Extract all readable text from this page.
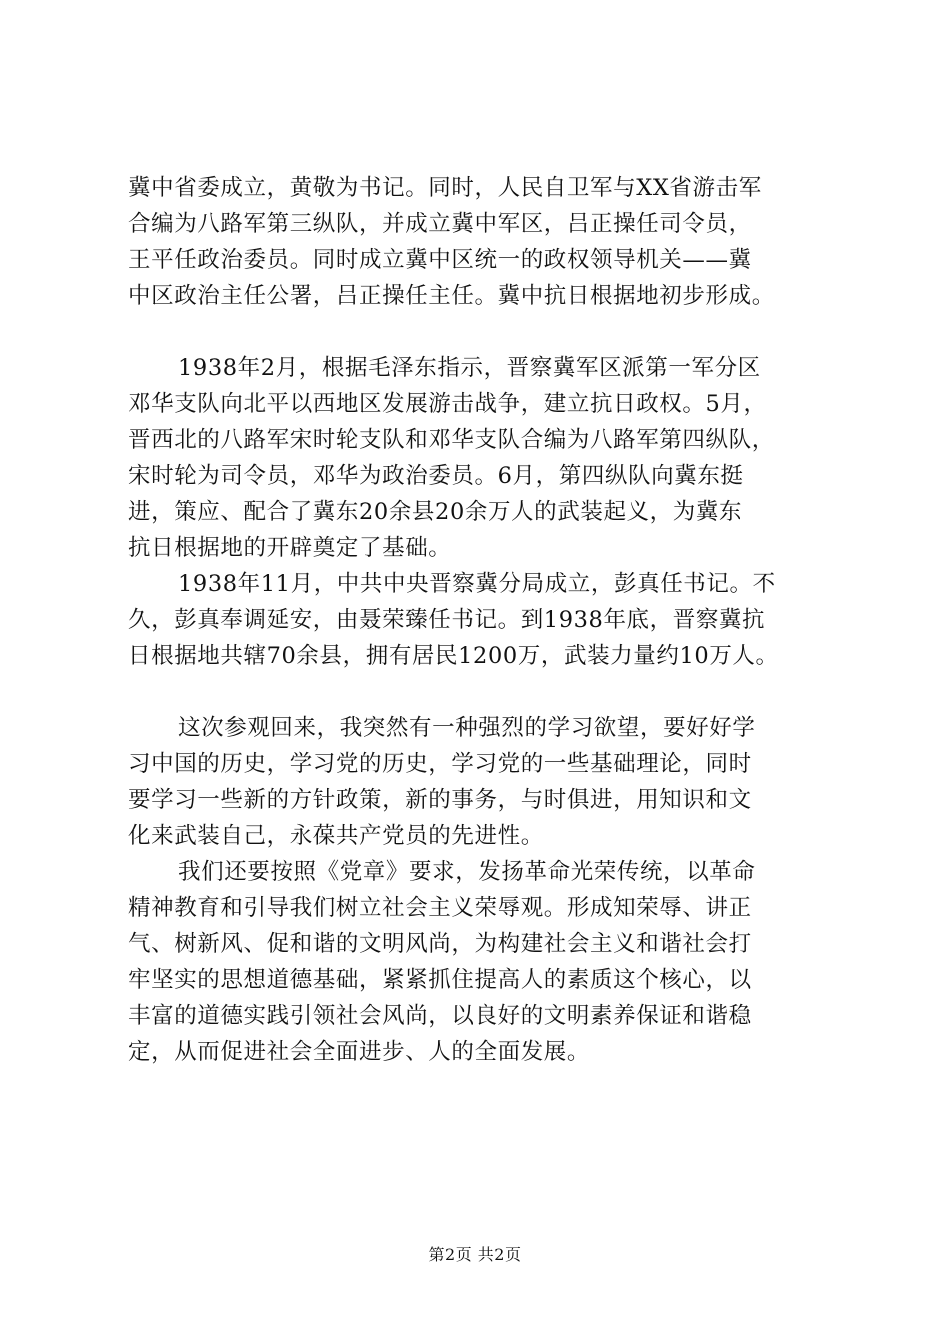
冀中省委成立，黄敬为书记。同时，人民自卫军与XX省游击军
合编为八路军第三纵队，并成立冀中军区，吕正操任司令员，
王平任政治委员。同时成立冀中区统一的政权领导机关——冀
中区政治主任公署，吕正操任主任。冀中抗日根据地初步形成。

1938年2月，根据毛泽东指示，晋察冀军区派第一军分区
邓华支队向北平以西地区发展游击战争，建立抗日政权。5月，
晋西北的八路军宋时轮支队和邓华支队合编为八路军第四纵队，
宋时轮为司令员，邓华为政治委员。6月，第四纵队向冀东挺
进，策应、配合了冀东20余县20余万人的武装起义，为冀东
抗日根据地的开辟奠定了基础。

1938年11月，中共中央晋察冀分局成立，彭真任书记。不
久，彭真奉调延安，由聂荣臻任书记。到1938年底，晋察冀抗
日根据地共辖70余县，拥有居民1200万，武装力量约10万人。

这次参观回来，我突然有一种强烈的学习欲望，要好好学
习中国的历史，学习党的历史，学习党的一些基础理论，同时
要学习一些新的方针政策，新的事务，与时俱进，用知识和文
化来武装自己，永葆共产党员的先进性。

我们还要按照《党章》要求，发扬革命光荣传统，以革命
精神教育和引导我们树立社会主义荣辱观。形成知荣辱、讲正
气、树新风、促和谐的文明风尚，为构建社会主义和谐社会打
牢坚实的思想道德基础，紧紧抓住提高人的素质这个核心，以
丰富的道德实践引领社会风尚，以良好的文明素养保证和谐稳
定，从而促进社会全面进步、人的全面发展。

第2页 共2页
